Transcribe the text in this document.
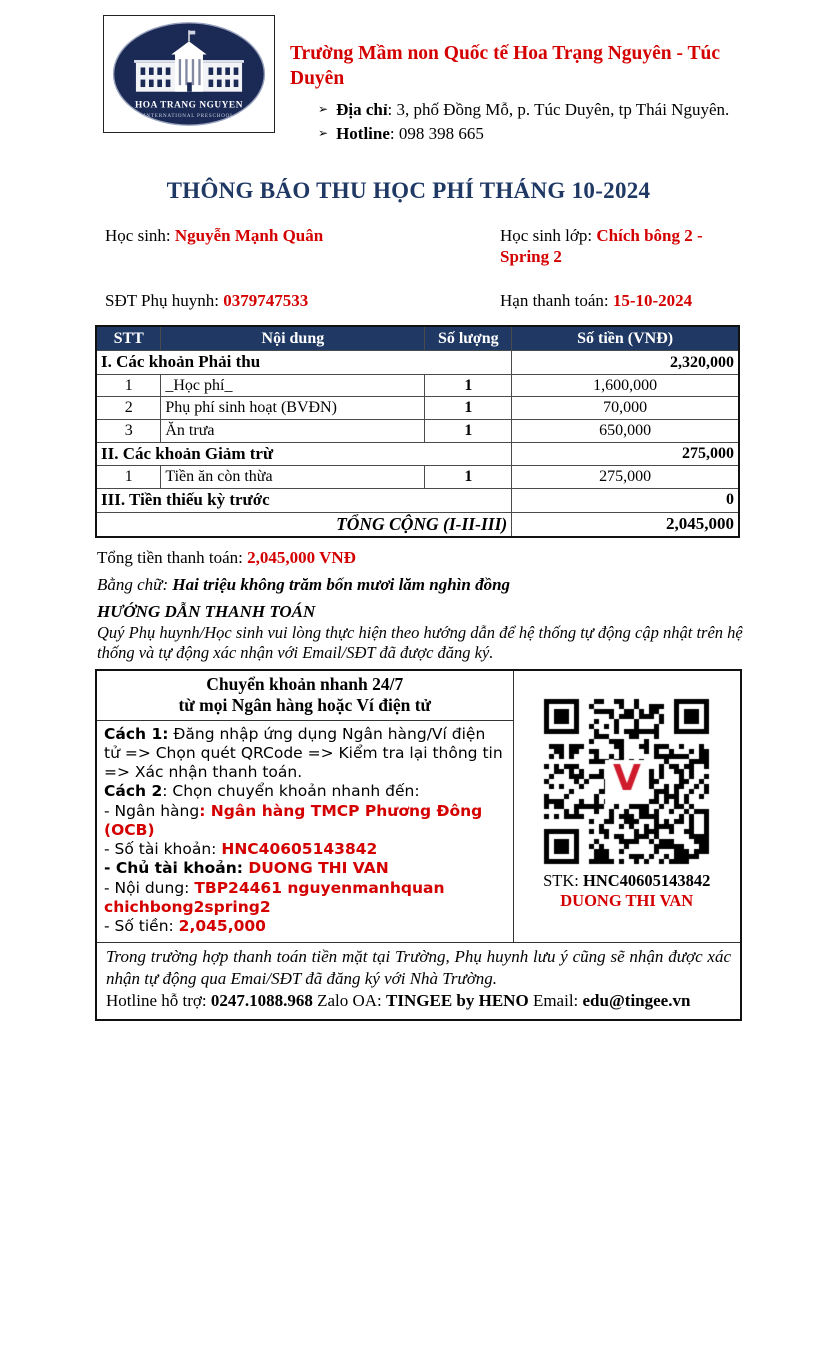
HOA TRANG NGUYEN
INTERNATIONAL PRESCHOOL
Trường Mầm non Quốc tế Hoa Trạng Nguyên - Túc Duyên
➢ Địa chỉ: 3, phố Đồng Mỗ, p. Túc Duyên, tp Thái Nguyên.
➢ Hotline: 098 398 665
THÔNG BÁO THU HỌC PHÍ THÁNG 10-2024
Học sinh: Nguyễn Mạnh Quân	Học sinh lớp: Chích bông 2 - Spring 2
SĐT Phụ huynh: 0379747533	Hạn thanh toán: 15-10-2024
STT	Nội dung	Số lượng	Số tiền (VNĐ)
I. Các khoản Phải thu			2,320,000
1	_Học phí_	1	1,600,000
2	Phụ phí sinh hoạt (BVĐN)	1	70,000
3	Ăn trưa	1	650,000
II. Các khoản Giảm trừ			275,000
1	Tiền ăn còn thừa	1	275,000
III. Tiền thiếu kỳ trước			0
TỔNG CỘNG (I-II-III)			2,045,000
Tổng tiền thanh toán: 2,045,000 VNĐ
Bằng chữ: Hai triệu không trăm bốn mươi lăm nghìn đồng
HƯỚNG DẪN THANH TOÁN
Quý Phụ huynh/Học sinh vui lòng thực hiện theo hướng dẫn để hệ thống tự động cập nhật trên hệ thống và tự động xác nhận với Email/SĐT đã được đăng ký.
Chuyển khoản nhanh 24/7
từ mọi Ngân hàng hoặc Ví điện tử

STK: HNC40605143842
DUONG THI VAN

Cách 1: Đăng nhập ứng dụng Ngân hàng/Ví điện tử => Chọn quét QRCode => Kiểm tra lại thông tin => Xác nhận thanh toán.
Cách 2: Chọn chuyển khoản nhanh đến:
- Ngân hàng: Ngân hàng TMCP Phương Đông (OCB)
- Số tài khoản: HNC40605143842
- Chủ tài khoản: DUONG THI VAN
- Nội dung: TBP24461 nguyenmanhquan chichbong2spring2
- Số tiền: 2,045,000

Trong trường hợp thanh toán tiền mặt tại Trường, Phụ huynh lưu ý cũng sẽ nhận được xác nhận tự động qua Emai/SĐT đã đăng ký với Nhà Trường.
Hotline hỗ trợ: 0247.1088.968 Zalo OA: TINGEE by HENO Email: edu@tingee.vn
